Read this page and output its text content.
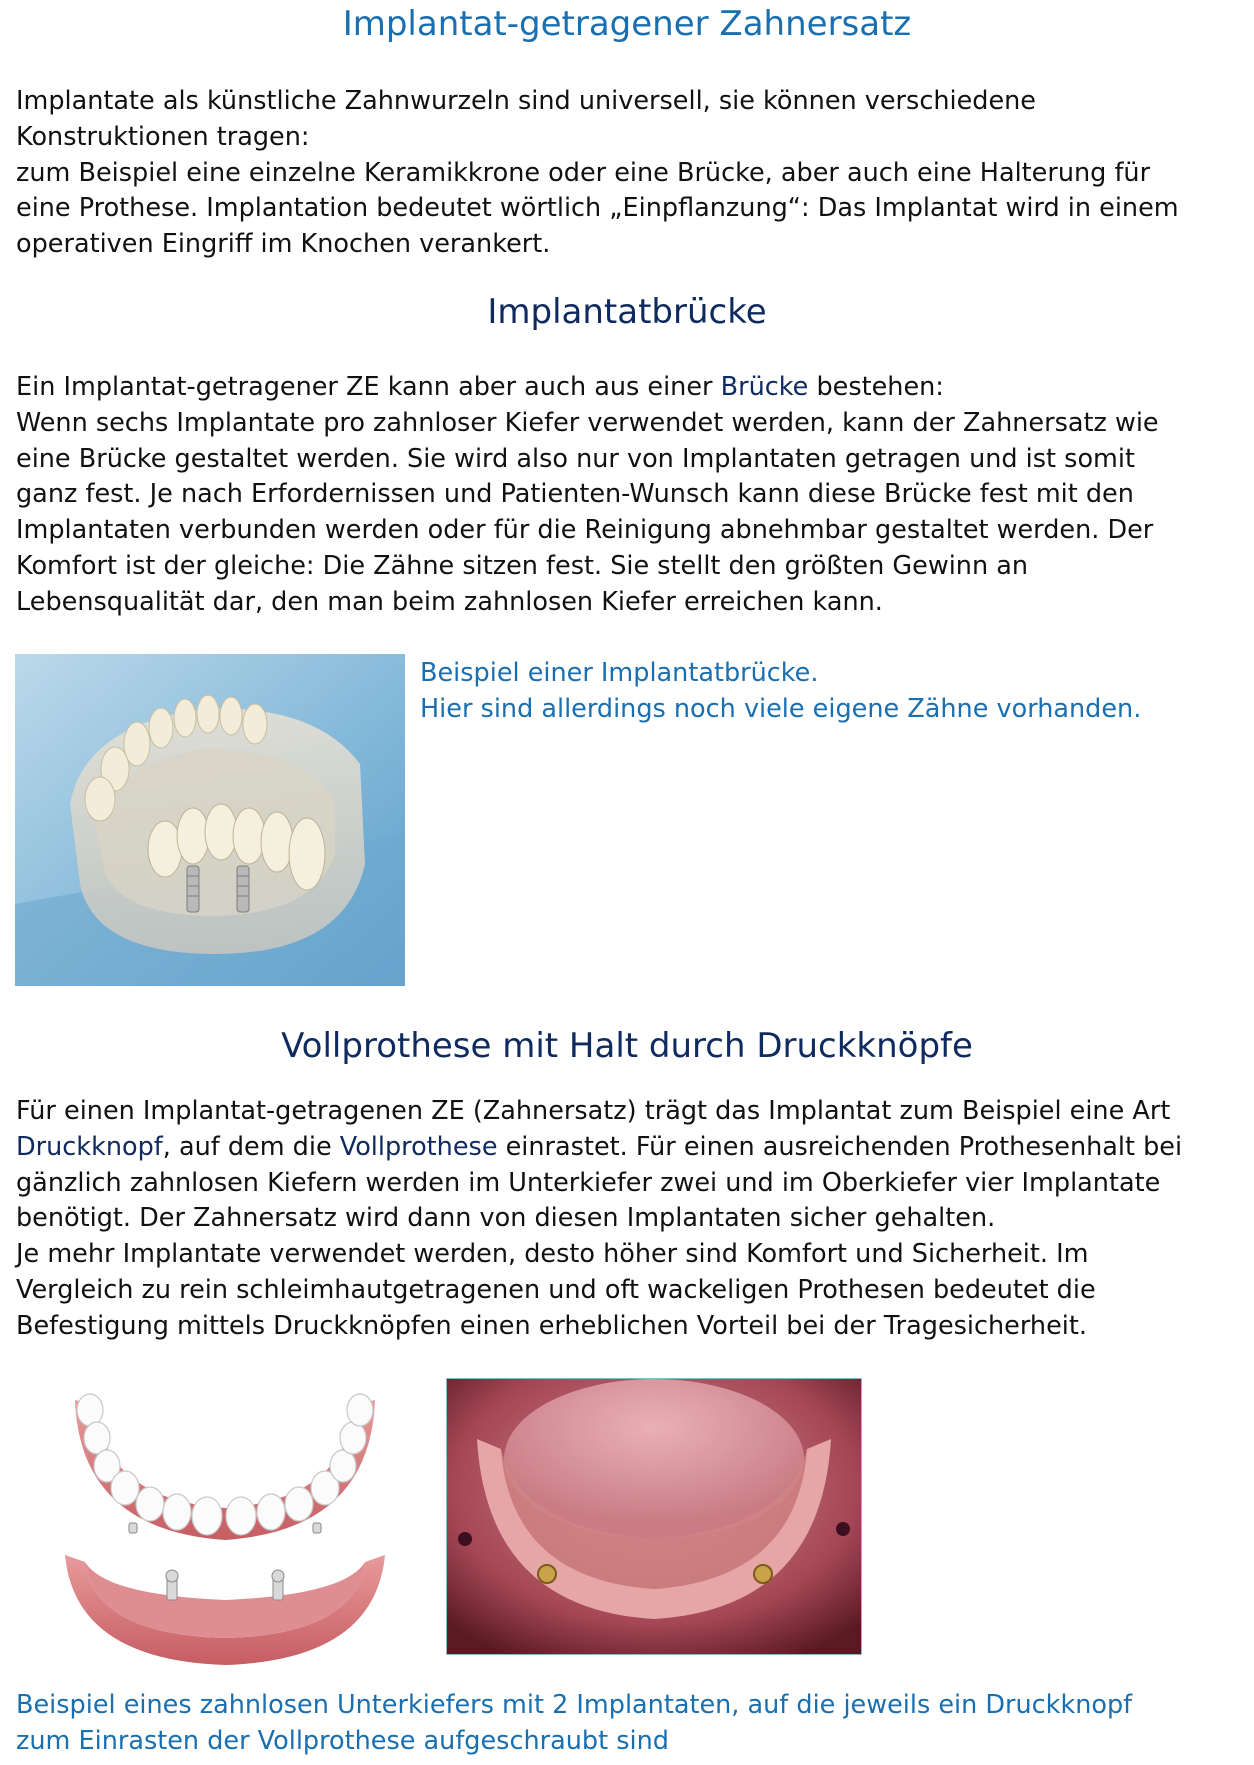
Implantat-getragener Zahnersatz

Implantate als künstliche Zahnwurzeln sind universell, sie können verschiedene
Konstruktionen tragen:
zum Beispiel eine einzelne Keramikkrone oder eine Brücke, aber auch eine Halterung für
eine Prothese. Implantation bedeutet wörtlich „Einpflanzung“: Das Implantat wird in einem
operativen Eingriff im Knochen verankert.

Implantatbrücke

Ein Implantat-getragener ZE kann aber auch aus einer Brücke bestehen:
Wenn sechs Implantate pro zahnloser Kiefer verwendet werden, kann der Zahnersatz wie
eine Brücke gestaltet werden. Sie wird also nur von Implantaten getragen und ist somit
ganz fest. Je nach Erfordernissen und Patienten-Wunsch kann diese Brücke fest mit den
Implantaten verbunden werden oder für die Reinigung abnehmbar gestaltet werden. Der
Komfort ist der gleiche: Die Zähne sitzen fest. Sie stellt den größten Gewinn an
Lebensqualität dar, den man beim zahnlosen Kiefer erreichen kann.

Beispiel einer Implantatbrücke.
Hier sind allerdings noch viele eigene Zähne vorhanden.
Vollprothese mit Halt durch Druckknöpfe

Für einen Implantat-getragenen ZE (Zahnersatz) trägt das Implantat zum Beispiel eine Art
Druckknopf, auf dem die Vollprothese einrastet. Für einen ausreichenden Prothesenhalt bei
gänzlich zahnlosen Kiefern werden im Unterkiefer zwei und im Oberkiefer vier Implantate
benötigt. Der Zahnersatz wird dann von diesen Implantaten sicher gehalten.
Je mehr Implantate verwendet werden, desto höher sind Komfort und Sicherheit. Im
Vergleich zu rein schleimhautgetragenen und oft wackeligen Prothesen bedeutet die
Befestigung mittels Druckknöpfen einen erheblichen Vorteil bei der Tragesicherheit.

Beispiel eines zahnlosen Unterkiefers mit 2 Implantaten, auf die jeweils ein Druckknopf
zum Einrasten der Vollprothese aufgeschraubt sind
